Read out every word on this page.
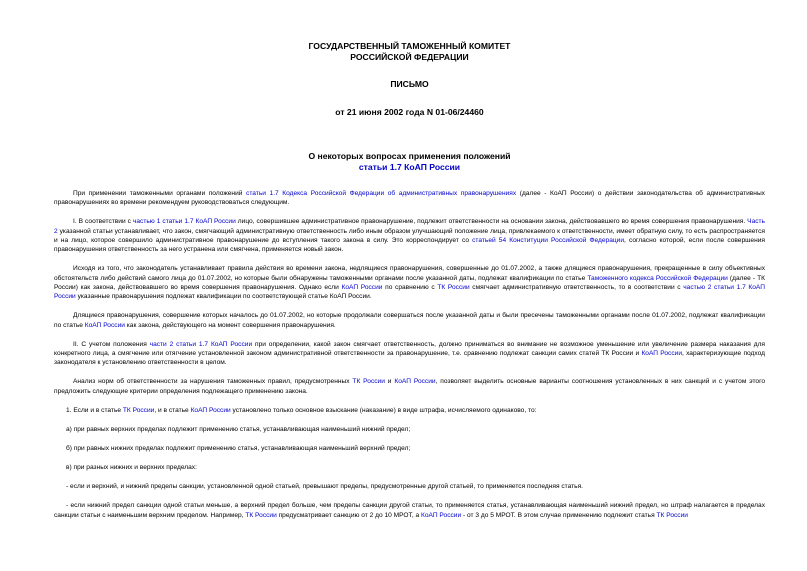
ГОСУДАРСТВЕННЫЙ ТАМОЖЕННЫЙ КОМИТЕТ
РОССИЙСКОЙ ФЕДЕРАЦИИ
ПИСЬМО
от 21 июня 2002 года N 01-06/24460
О некоторых вопросах применения положений
статьи 1.7 КоАП России

При применении таможенными органами положений статьи 1.7 Кодекса Российской Федерации об административных правонарушениях (далее - КоАП России) о действии законодательства об административных правонарушениях во времени рекомендуем руководствоваться следующим.

I. В соответствии с частью 1 статьи 1.7 КоАП России лицо, совершившее административное правонарушение, подлежит ответственности на основании закона, действовавшего во время совершения правонарушения. Часть 2 указанной статьи устанавливает, что закон, смягчающий административную ответственность либо иным образом улучшающий положение лица, привлекаемого к ответственности, имеет обратную силу, то есть распространяется и на лицо, которое совершило административное правонарушение до вступления такого закона в силу. Это корреспондирует со статьей 54 Конституции Российской Федерации, согласно которой, если после совершения правонарушения ответственность за него устранена или смягчена, применяется новый закон.

Исходя из того, что законодатель устанавливает правила действия во времени закона, недлящиеся правонарушения, совершенные до 01.07.2002, а также длящиеся правонарушения, прекращенные в силу объективных обстоятельств либо действий самого лица до 01.07.2002, но которые были обнаружены таможенными органами после указанной даты, подлежат квалификации по статье Таможенного кодекса Российской Федерации (далее - ТК России) как закона, действовавшего во время совершения правонарушения. Однако если КоАП России по сравнению с ТК России смягчает административную ответственность, то в соответствии с частью 2 статьи 1.7 КоАП России указанные правонарушения подлежат квалификации по соответствующей статье КоАП России.

Длящиеся правонарушения, совершение которых началось до 01.07.2002, но которые продолжали совершаться после указанной даты и были пресечены таможенными органами после 01.07.2002, подлежат квалификации по статье КоАП России как закона, действующего на момент совершения правонарушения.

II. С учетом положения части 2 статьи 1.7 КоАП России при определении, какой закон смягчает ответственность, должно приниматься во внимание не возможное уменьшение или увеличение размера наказания для конкретного лица, а смягчение или отягчение установленной законом административной ответственности за правонарушение, т.е. сравнению подлежат санкции самих статей ТК России и КоАП России, характеризующие подход законодателя к установлению ответственности в целом.

Анализ норм об ответственности за нарушения таможенных правил, предусмотренных ТК России и КоАП России, позволяет выделить основные варианты соотношения установленных в них санкций и с учетом этого предложить следующие критерии определения подлежащего применению закона.

1. Если и в статье ТК России, и в статье КоАП России установлено только основное взыскание (наказание) в виде штрафа, исчисляемого одинаково, то:

а) при равных верхних пределах подлежит применению статья, устанавливающая наименьший нижний предел;

б) при равных нижних пределах подлежит применению статья, устанавливающая наименьший верхний предел;

в) при разных нижних и верхних пределах:

- если и верхний, и нижний пределы санкции, установленной одной статьей, превышают пределы, предусмотренные другой статьей, то применяется последняя статья.

- если нижний предел санкции одной статьи меньше, а верхний предел больше, чем пределы санкции другой статьи, то применяется статья, устанавливающая наименьший нижний предел, но штраф налагается в пределах санкции статьи с наименьшим верхним пределом. Например, ТК России предусматривает санкцию от 2 до 10 МРОТ, а КоАП России - от 3 до 5 МРОТ. В этом случае применению подлежит статья ТК России
